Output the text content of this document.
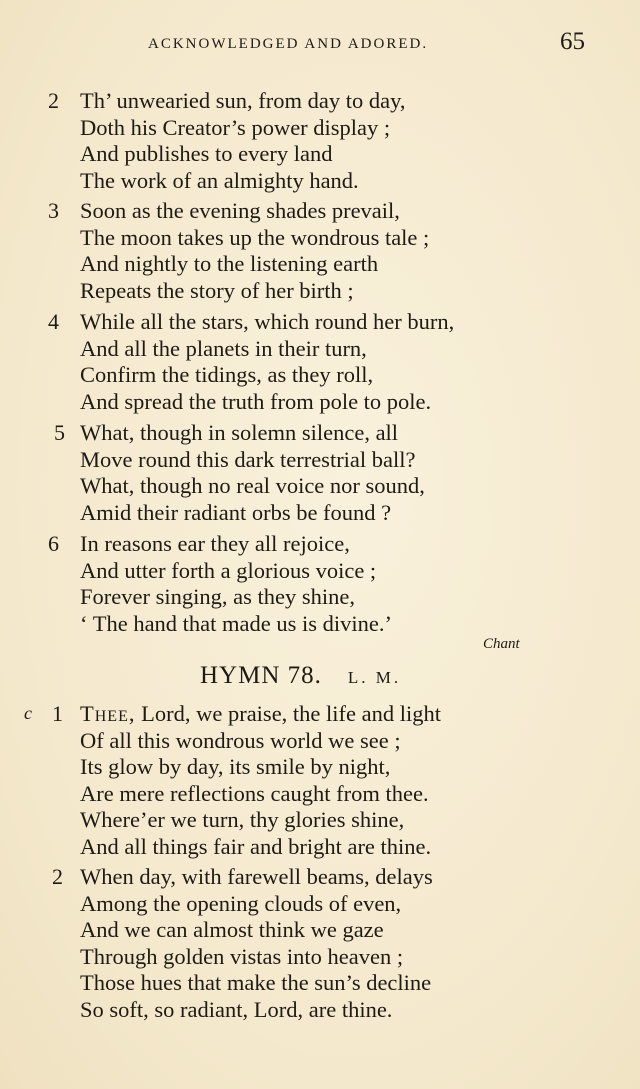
ACKNOWLEDGED AND ADORED.	65
2 Th’ unwearied sun, from day to day,
Doth his Creator’s power display ;
And publishes to every land
The work of an almighty hand.
3 Soon as the evening shades prevail,
The moon takes up the wondrous tale ;
And nightly to the listening earth
Repeats the story of her birth ;
4 While all the stars, which round her burn,
And all the planets in their turn,
Confirm the tidings, as they roll,
And spread the truth from pole to pole.
5 What, though in solemn silence, all
Move round this dark terrestrial ball?
What, though no real voice nor sound,
Amid their radiant orbs be found ?
6 In reasons ear they all rejoice,
And utter forth a glorious voice ;
Forever singing, as they shine,
‘ The hand that made us is divine.’
Chant
HYMN 78. L. M.
c 1 Thee, Lord, we praise, the life and light
Of all this wondrous world we see ;
Its glow by day, its smile by night,
Are mere reflections caught from thee.
Where’er we turn, thy glories shine,
And all things fair and bright are thine.
2 When day, with farewell beams, delays
Among the opening clouds of even,
And we can almost think we gaze
Through golden vistas into heaven ;
Those hues that make the sun’s decline
So soft, so radiant, Lord, are thine.
